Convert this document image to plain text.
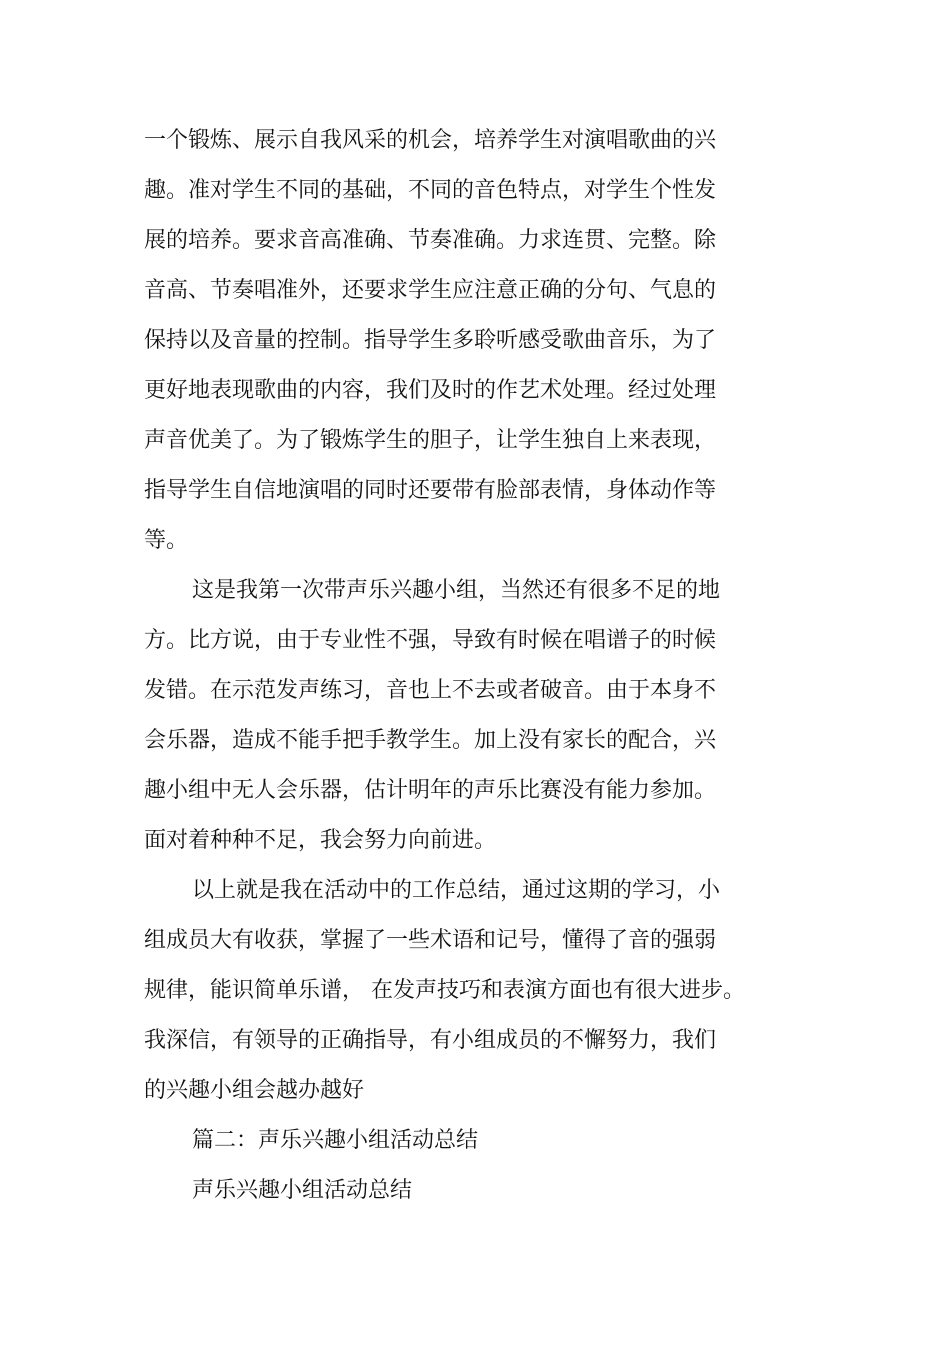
一个锻炼、展示自我风采的机会，培养学生对演唱歌曲的兴

趣。准对学生不同的基础，不同的音色特点，对学生个性发

展的培养。要求音高准确、节奏准确。力求连贯、完整。除

音高、节奏唱准外，还要求学生应注意正确的分句、气息的

保持以及音量的控制。指导学生多聆听感受歌曲音乐，为了

更好地表现歌曲的内容，我们及时的作艺术处理。经过处理

声音优美了。为了锻炼学生的胆子，让学生独自上来表现，

指导学生自信地演唱的同时还要带有脸部表情，身体动作等

等。

这是我第一次带声乐兴趣小组，当然还有很多不足的地

方。比方说，由于专业性不强，导致有时候在唱谱子的时候

发错。在示范发声练习，音也上不去或者破音。由于本身不

会乐器，造成不能手把手教学生。加上没有家长的配合，兴

趣小组中无人会乐器，估计明年的声乐比赛没有能力参加。

面对着种种不足，我会努力向前进。

以上就是我在活动中的工作总结，通过这期的学习，小

组成员大有收获，掌握了一些术语和记号，懂得了音的强弱

规律，能识简单乐谱， 在发声技巧和表演方面也有很大进步。

我深信，有领导的正确指导，有小组成员的不懈努力，我们

的兴趣小组会越办越好

篇二：声乐兴趣小组活动总结

声乐兴趣小组活动总结
